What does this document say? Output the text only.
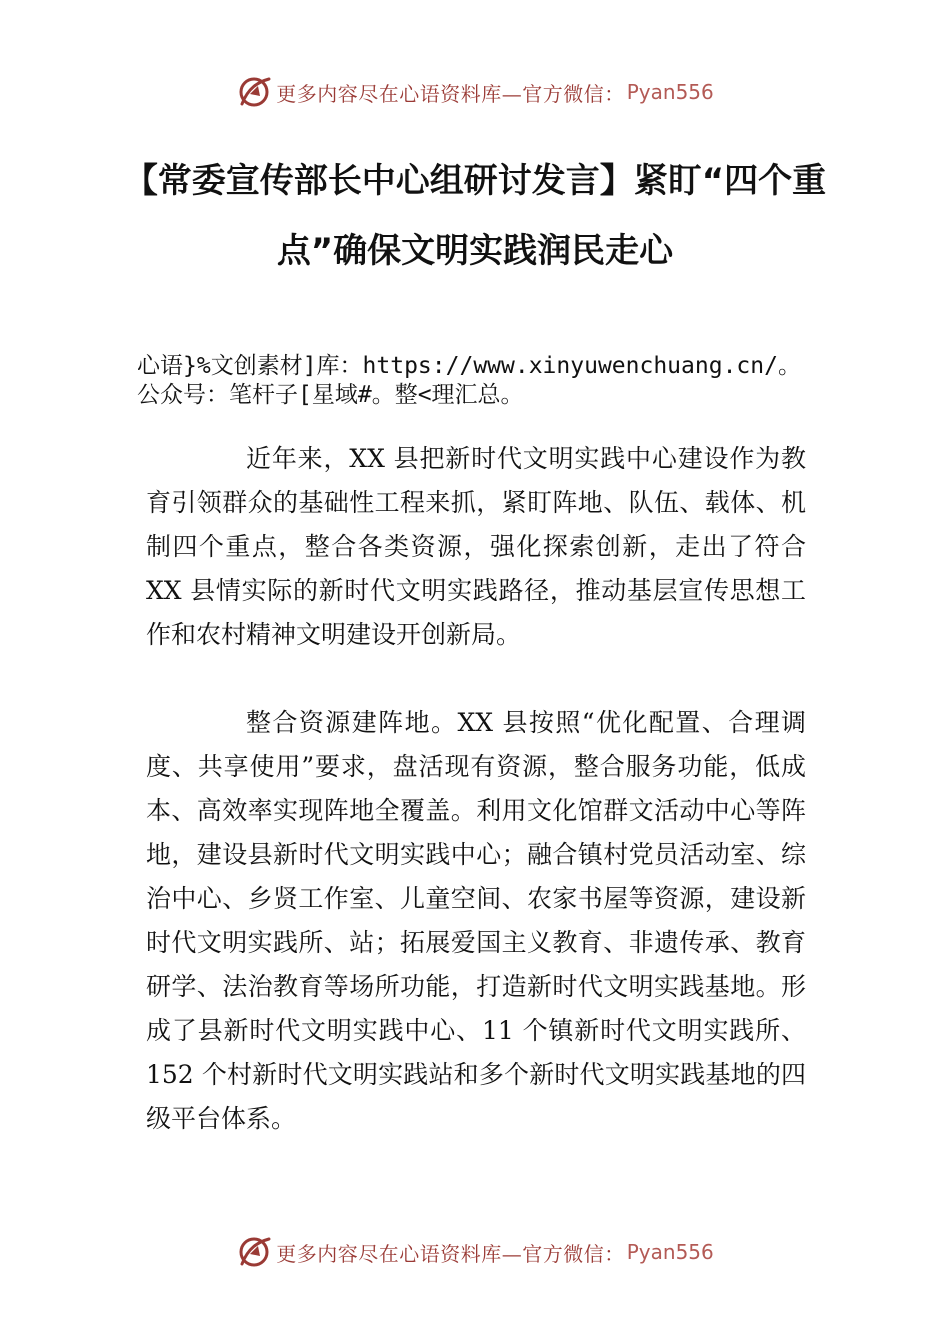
更多内容尽在心语资料库—官方微信： Pyan556
【常委宣传部长中心组研讨发言】紧盯“四个重点”确保文明实践润民走心
心语}%文创素材]库：https://www.xinyuwenchuang.cn/。
公众号：笔杆子[星域#。整<理汇总。

近年来，XX 县把新时代文明实践中心建设作为教育引领群众的基础性工程来抓，紧盯阵地、队伍、载体、机制四个重点，整合各类资源，强化探索创新，走出了符合 XX 县情实际的新时代文明实践路径，推动基层宣传思想工作和农村精神文明建设开创新局。

整合资源建阵地。XX 县按照“优化配置、合理调度、共享使用”要求，盘活现有资源，整合服务功能，低成本、高效率实现阵地全覆盖。利用文化馆群文活动中心等阵地，建设县新时代文明实践中心；融合镇村党员活动室、综治中心、乡贤工作室、儿童空间、农家书屋等资源，建设新时代文明实践所、站；拓展爱国主义教育、非遗传承、教育研学、法治教育等场所功能，打造新时代文明实践基地。形成了县新时代文明实践中心、11 个镇新时代文明实践所、152 个村新时代文明实践站和多个新时代文明实践基地的四级平台体系。

更多内容尽在心语资料库—官方微信： Pyan556
